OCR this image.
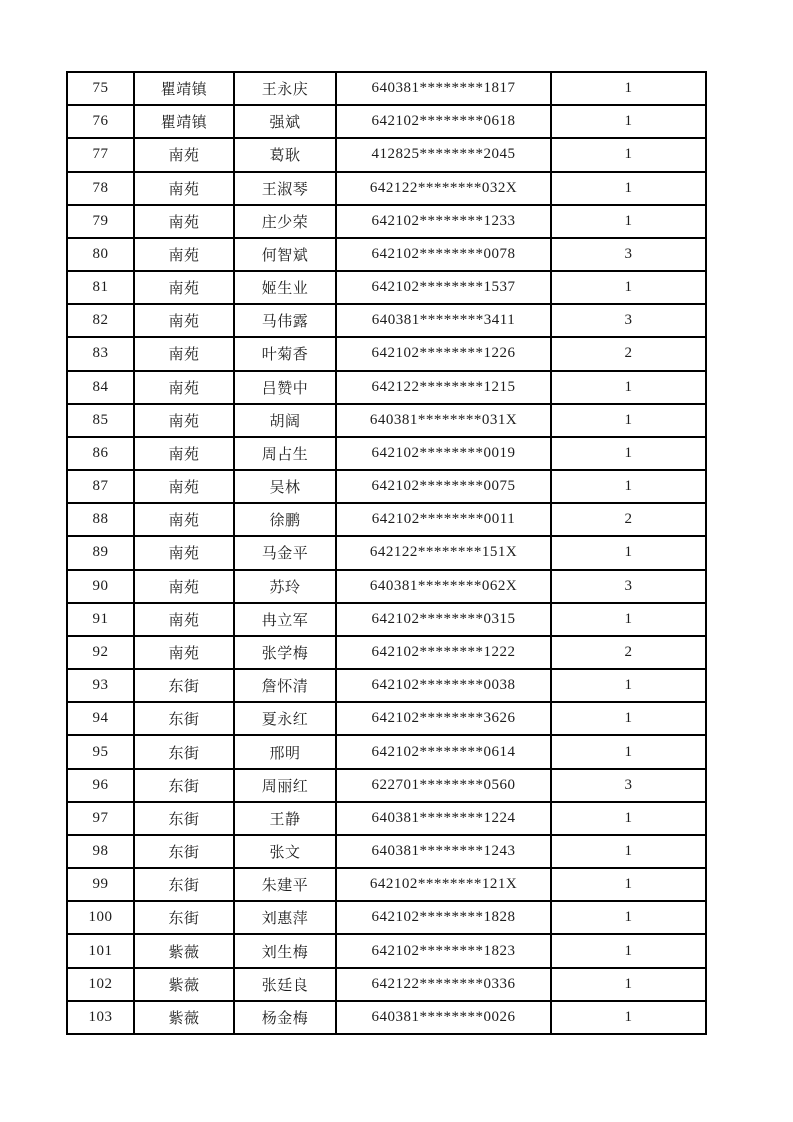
75	瞿靖镇	王永庆	640381********1817	1
76	瞿靖镇	强斌	642102********0618	1
77	南苑	葛耿	412825********2045	1
78	南苑	王淑琴	642122********032X	1
79	南苑	庄少荣	642102********1233	1
80	南苑	何智斌	642102********0078	3
81	南苑	姬生业	642102********1537	1
82	南苑	马伟露	640381********3411	3
83	南苑	叶菊香	642102********1226	2
84	南苑	吕赞中	642122********1215	1
85	南苑	胡阔	640381********031X	1
86	南苑	周占生	642102********0019	1
87	南苑	吴林	642102********0075	1
88	南苑	徐鹏	642102********0011	2
89	南苑	马金平	642122********151X	1
90	南苑	苏玲	640381********062X	3
91	南苑	冉立军	642102********0315	1
92	南苑	张学梅	642102********1222	2
93	东街	詹怀清	642102********0038	1
94	东街	夏永红	642102********3626	1
95	东街	邢明	642102********0614	1
96	东街	周丽红	622701********0560	3
97	东街	王静	640381********1224	1
98	东街	张文	640381********1243	1
99	东街	朱建平	642102********121X	1
100	东街	刘惠萍	642102********1828	1
101	紫薇	刘生梅	642102********1823	1
102	紫薇	张廷良	642122********0336	1
103	紫薇	杨金梅	640381********0026	1
